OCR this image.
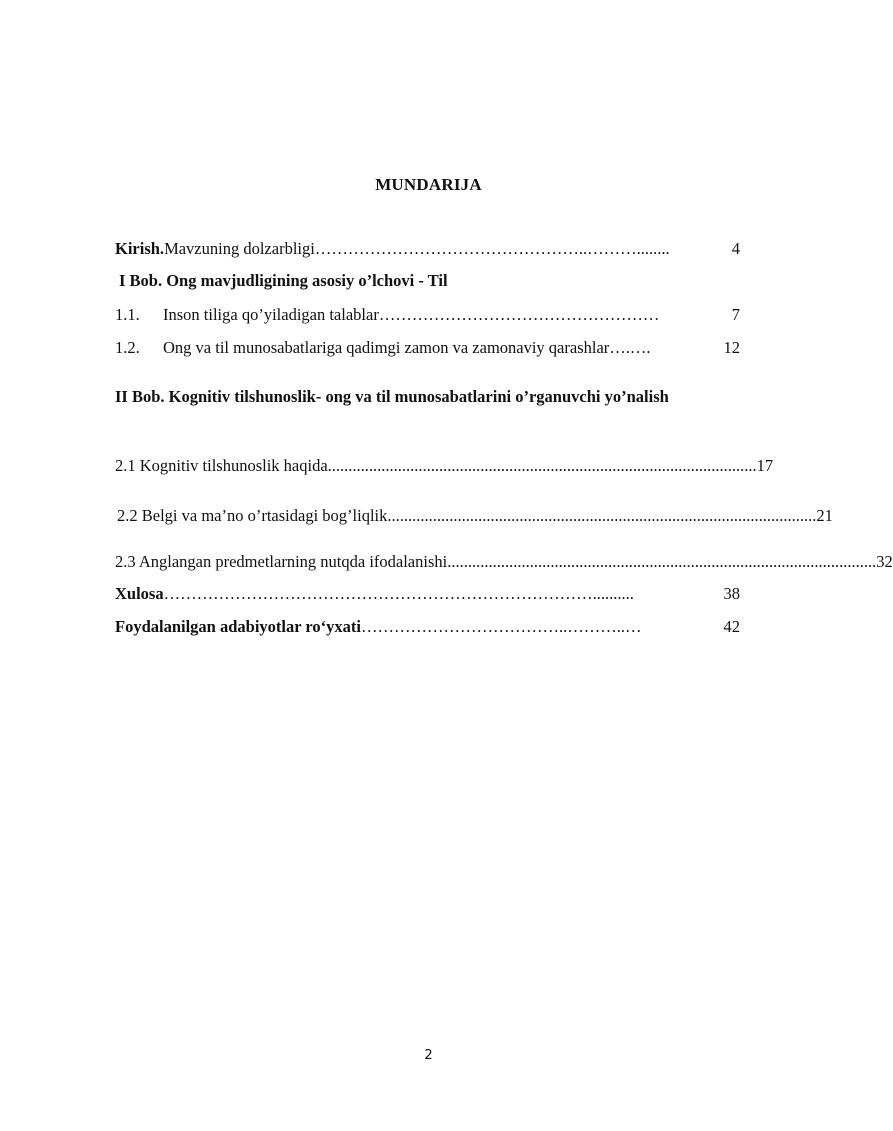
MUNDARIJA
Kirish. Mavzuning dolzarbligi …………………………………………..………........	4
I Bob. Ong mavjudligining asosiy o’lchovi - Til
1.1.	Inson tiliga qo’yiladigan talablar ……………………………………………	7
1.2.	Ong va til munosabatlariga qadimgi zamon va zamonaviy qarashlar ….….	12
II Bob. Kognitiv tilshunoslik- ong va til munosabatlarini o’rganuvchi yo’nalish
2.1 Kognitiv tilshunoslik haqida ........................................................................................................ 17
2.2 Belgi va ma’no o’rtasidagi bog’liqlik ........................................................................................................ 21
2.3 Anglangan predmetlarning nutqda ifodalanishi ........................................................................................................ 32
Xulosa ……………………………………………………………………..........	38
Foydalanilgan adabiyotlar ro‘yxati ………………………………..………..…	42
2
